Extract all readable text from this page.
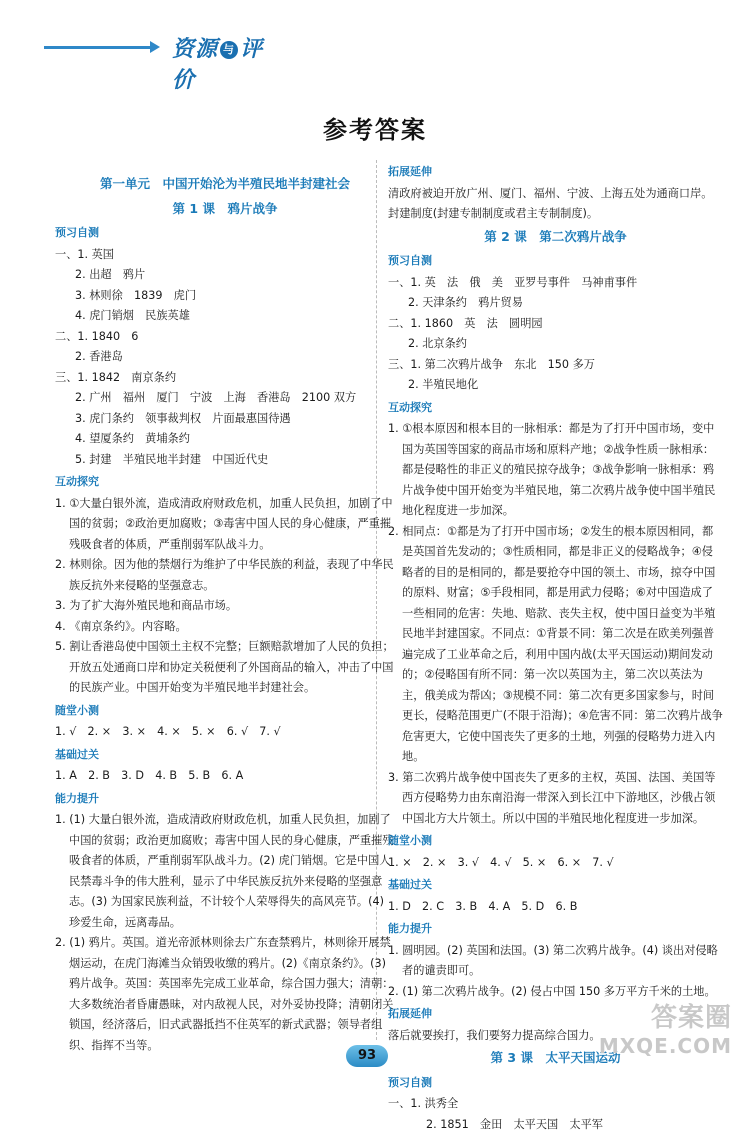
资源 与 评价
参考答案
第一单元　中国开始沦为半殖民地半封建社会
第 1 课　鸦片战争
预习自测
一、1. 英国
2. 出超　鸦片
3. 林则徐　1839　虎门
4. 虎门销烟　民族英雄
二、1. 1840　6
2. 香港岛
三、1. 1842　南京条约
2. 广州　福州　厦门　宁波　上海　香港岛　2100 双方
3. 虎门条约　领事裁判权　片面最惠国待遇
4. 望厦条约　黄埔条约
5. 封建　半殖民地半封建　中国近代史
互动探究
1. ①大量白银外流，造成清政府财政危机，加重人民负担，加剧了中国的贫弱；②政治更加腐败；③毒害中国人民的身心健康，严重摧残吸食者的体质，严重削弱军队战斗力。
2. 林则徐。因为他的禁烟行为维护了中华民族的利益，表现了中华民族反抗外来侵略的坚强意志。
3. 为了扩大海外殖民地和商品市场。
4. 《南京条约》。内容略。
5. 割让香港岛使中国领土主权不完整；巨额赔款增加了人民的负担；开放五处通商口岸和协定关税便利了外国商品的输入，冲击了中国的民族产业。中国开始变为半殖民地半封建社会。
随堂小测
1. √　2. ×　3. ×　4. ×　5. ×　6. √　7. √
基础过关
1. A　2. B　3. D　4. B　5. B　6. A
能力提升
1. (1) 大量白银外流，造成清政府财政危机，加重人民负担，加剧了中国的贫弱；政治更加腐败；毒害中国人民的身心健康，严重摧残吸食者的体质，严重削弱军队战斗力。(2) 虎门销烟。它是中国人民禁毒斗争的伟大胜利，显示了中华民族反抗外来侵略的坚强意志。(3) 为国家民族利益，不计较个人荣辱得失的高风亮节。(4) 珍爱生命，远离毒品。
2. (1) 鸦片。英国。道光帝派林则徐去广东查禁鸦片，林则徐开展禁烟运动，在虎门海滩当众销毁收缴的鸦片。(2)《南京条约》。(3) 鸦片战争。英国：英国率先完成工业革命，综合国力强大；清朝：大多数统治者昏庸愚昧，对内敌视人民，对外妥协投降；清朝闭关锁国，经济落后，旧式武器抵挡不住英军的新式武器；领导者组织、指挥不当等。
拓展延伸
清政府被迫开放广州、厦门、福州、宁波、上海五处为通商口岸。
封建制度(封建专制制度或君主专制制度)。
第 2 课　第二次鸦片战争
预习自测
一、1. 英　法　俄　美　亚罗号事件　马神甫事件
2. 天津条约　鸦片贸易
二、1. 1860　英　法　圆明园
2. 北京条约
三、1. 第二次鸦片战争　东北　150 多万
2. 半殖民地化
互动探究
1. ①根本原因和根本目的一脉相承：都是为了打开中国市场，变中国为英国等国家的商品市场和原料产地；②战争性质一脉相承：都是侵略性的非正义的殖民掠夺战争；③战争影响一脉相承：鸦片战争使中国开始变为半殖民地，第二次鸦片战争使中国半殖民地化程度进一步加深。
2. 相同点：①都是为了打开中国市场；②发生的根本原因相同，都是英国首先发动的；③性质相同，都是非正义的侵略战争；④侵略者的目的是相同的，都是要抢夺中国的领土、市场，掠夺中国的原料、财富；⑤手段相同，都是用武力侵略；⑥对中国造成了一些相同的危害：失地、赔款、丧失主权，使中国日益变为半殖民地半封建国家。不同点：①背景不同：第二次是在欧美列强普遍完成了工业革命之后，利用中国内战(太平天国运动)期间发动的；②侵略国有所不同：第一次以英国为主，第二次以英法为主，俄美成为帮凶；③规模不同：第二次有更多国家参与，时间更长，侵略范围更广(不限于沿海)；④危害不同：第二次鸦片战争危害更大，它使中国丧失了更多的土地，列强的侵略势力进入内地。
3. 第二次鸦片战争使中国丧失了更多的主权，英国、法国、美国等西方侵略势力由东南沿海一带深入到长江中下游地区，沙俄占领中国北方大片领土。所以中国的半殖民地化程度进一步加深。
随堂小测
1. ×　2. ×　3. √　4. √　5. ×　6. ×　7. √
基础过关
1. D　2. C　3. B　4. A　5. D　6. B
能力提升
1. 圆明园。(2) 英国和法国。(3) 第二次鸦片战争。(4) 谈出对侵略者的谴责即可。
2. (1) 第二次鸦片战争。(2) 侵占中国 150 多万平方千米的土地。
拓展延伸
落后就要挨打，我们要努力提高综合国力。
第 3 课　太平天国运动
预习自测
一、1. 洪秀全
2. 1851　金田　太平天国　太平军
93
答案圈
MXQE.COM
